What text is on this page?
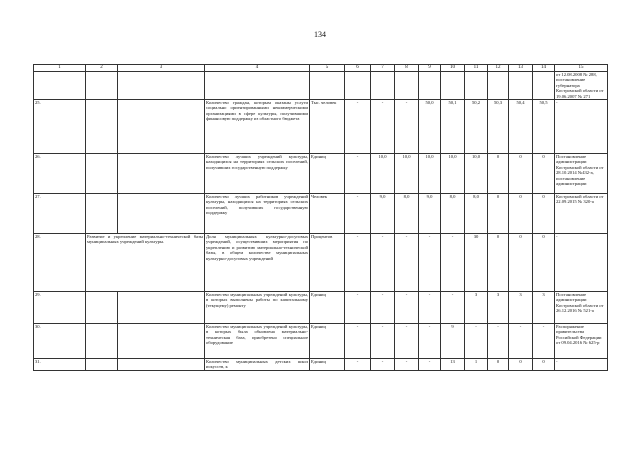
134
1	2	3	4	5	6	7	8	9	10	11	12	13	14	15
														от 12.08.2008 № 288, постановление губернатора Костромской области от 19.06.2007 № 271
25.			Количество граждан, которым оказаны услуги социально ориентированными некоммерческими организациями в сфере культуры, получившими финансовую поддержку из областного бюджета	Тыс. человек	-	-	-	50,0	50,1	50,2	50,3	50,4	50,5	-
26.			Количество лучших учреждений культуры, находящихся на территориях сельских поселений, получивших государственную поддержку	Единиц	-	10,0	10,0	10,0	10,0	10,0	0	0	0	Постановление администрации Костромской области от 28.10.2014 №432-а, постановление администрации
27.			Количество лучших работников учреждений культуры, находящихся на территориях сельских поселений, получивших государственную поддержку	Человек	-	9,0	8,0	9,0	8,0	8,0	0	0	0	Костромской области от 22.09.2015 № 320-а
28.	Развитие и укрепление материально-технической базы муниципальных учреждений культуры.		Доля муниципальных культурно-досуговых учреждений, осуществивших мероприятия по укреплению и развитию материально-технической базы, в общем количестве муниципальных культурно-досуговых учреждений	Процентов	-	-	-	-	-	30	0	0	0	-
29.			Количество муниципальных учреждений культуры, в которых выполнены работы по капитальному (текущему) ремонту	Единиц	-	-	-	-	-	3	3	3	3	Постановление администрации Костромской области от 26.12.2016 № 521-а
30.			Количество муниципальных учреждений культуры, в которых была обновлена материально-техническая база, приобретено специальное оборудование	Единиц	-	-	-	-	9	-	-	-	-	Распоряжение правительства Российской Федерации от 09.04.2016 № 625-р
31.			Количество муниципальных детских школ искусств, к	Единиц	-	-	-	-	13	1	0	0	0	-
